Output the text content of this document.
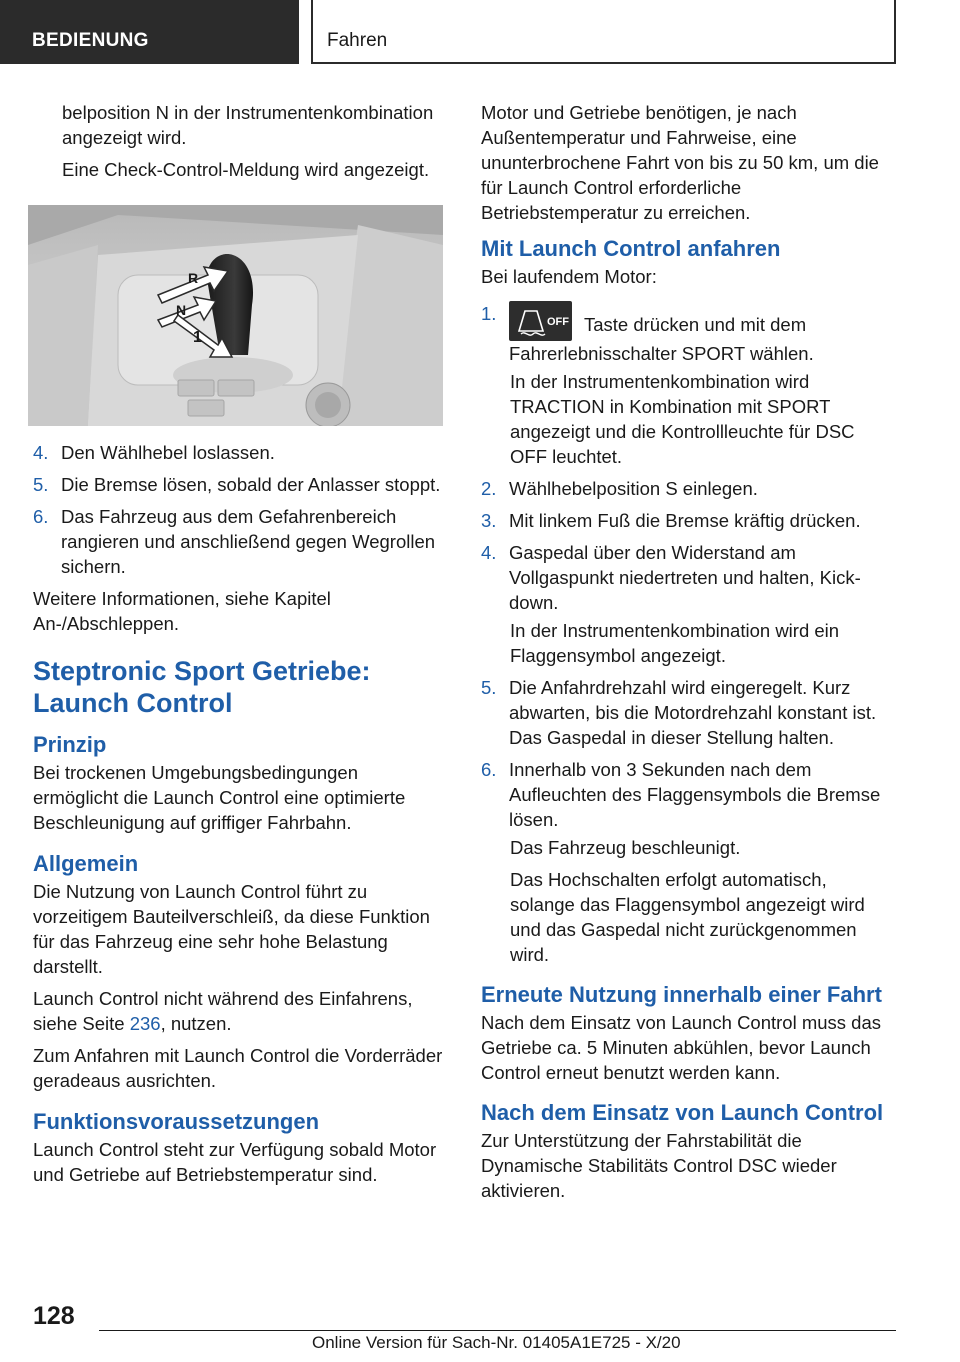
BEDIENUNG	Fahren

belposition N in der Instrumentenkombination angezeigt wird.

Eine Check-Control-Meldung wird angezeigt.

R
N
1
4. Den Wählhebel loslassen.
5. Die Bremse lösen, sobald der Anlasser stoppt.
6. Das Fahrzeug aus dem Gefahrenbereich rangieren und anschließend gegen Wegrollen sichern.

Weitere Informationen, siehe Kapitel An-/Abschleppen.

Steptronic Sport Getriebe: Launch Control
Prinzip

Bei trockenen Umgebungsbedingungen ermöglicht die Launch Control eine optimierte Beschleunigung auf griffiger Fahrbahn.

Allgemein

Die Nutzung von Launch Control führt zu vorzeitigem Bauteilverschleiß, da diese Funktion für das Fahrzeug eine sehr hohe Belastung darstellt.

Launch Control nicht während des Einfahrens, siehe Seite 236, nutzen.

Zum Anfahren mit Launch Control die Vorderräder geradeaus ausrichten.

Funktionsvoraussetzungen

Launch Control steht zur Verfügung sobald Motor und Getriebe auf Betriebstemperatur sind.

Motor und Getriebe benötigen, je nach Außentemperatur und Fahrweise, eine ununterbrochene Fahrt von bis zu 50 km, um die für Launch Control erforderliche Betriebstemperatur zu erreichen.

Mit Launch Control anfahren

Bei laufendem Motor:

1.	OFF Taste drücken und mit dem Fahrerlebnisschalter SPORT wählen.

In der Instrumentenkombination wird TRACTION in Kombination mit SPORT angezeigt und die Kontrollleuchte für DSC OFF leuchtet.

2. Wählhebelposition S einlegen.
3. Mit linkem Fuß die Bremse kräftig drücken.
4. Gaspedal über den Widerstand am Vollgaspunkt niedertreten und halten, Kick-down.

In der Instrumentenkombination wird ein Flaggensymbol angezeigt.

5. Die Anfahrdrehzahl wird eingeregelt. Kurz abwarten, bis die Motordrehzahl konstant ist. Das Gaspedal in dieser Stellung halten.
6. Innerhalb von 3 Sekunden nach dem Aufleuchten des Flaggensymbols die Bremse lösen.

Das Fahrzeug beschleunigt.

Das Hochschalten erfolgt automatisch, solange das Flaggensymbol angezeigt wird und das Gaspedal nicht zurückgenommen wird.

Erneute Nutzung innerhalb einer Fahrt

Nach dem Einsatz von Launch Control muss das Getriebe ca. 5 Minuten abkühlen, bevor Launch Control erneut benutzt werden kann.

Nach dem Einsatz von Launch Control

Zur Unterstützung der Fahrstabilität die Dynamische Stabilitäts Control DSC wieder aktivieren.

128
Online Version für Sach-Nr. 01405A1E725 - X/20
